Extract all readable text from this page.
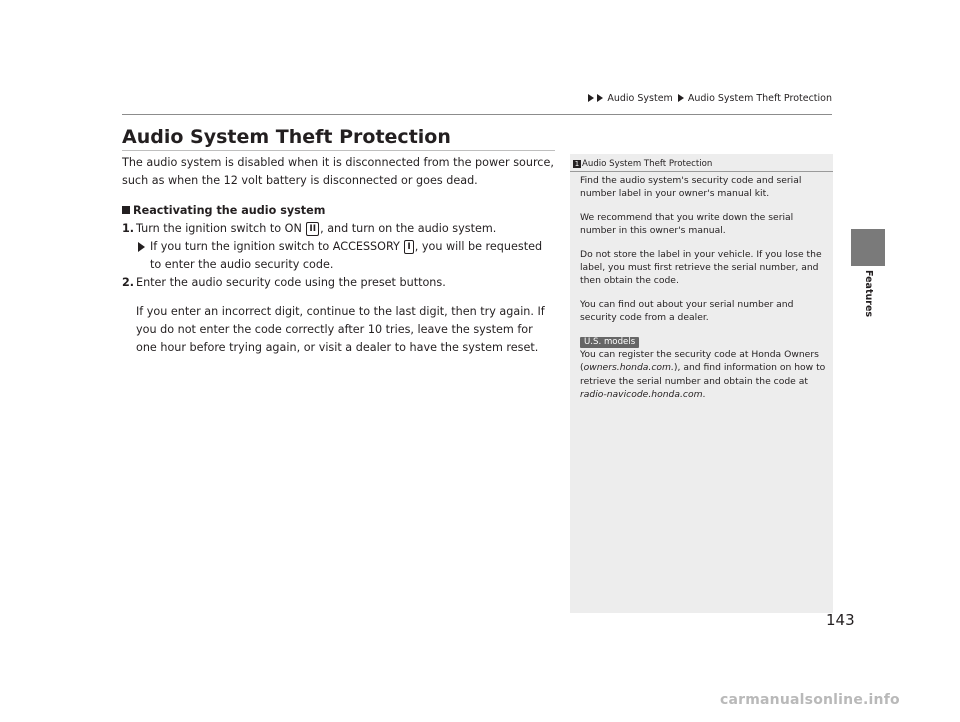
Audio System Audio System Theft Protection
Features
Audio System Theft Protection

The audio system is disabled when it is disconnected from the power source, such as when the 12 volt battery is disconnected or goes dead.

Reactivating the audio system

1. Turn the ignition switch to ON II , and turn on the audio system.
If you turn the ignition switch to ACCESSORY I , you will be requested to enter the audio security code.
2. Enter the audio security code using the preset buttons.

If you enter an incorrect digit, continue to the last digit, then try again. If you do not enter the code correctly after 10 tries, leave the system for one hour before trying again, or visit a dealer to have the system reset.

1 Audio System Theft Protection

Find the audio system's security code and serial number label in your owner's manual kit.

We recommend that you write down the serial number in this owner's manual.

Do not store the label in your vehicle. If you lose the label, you must first retrieve the serial number, and then obtain the code.

You can find out about your serial number and security code from a dealer.

U.S. models

You can register the security code at Honda Owners (owners.honda.com.), and find information on how to retrieve the serial number and obtain the code at radio-navicode.honda.com.

143
carmanualsonline.info
